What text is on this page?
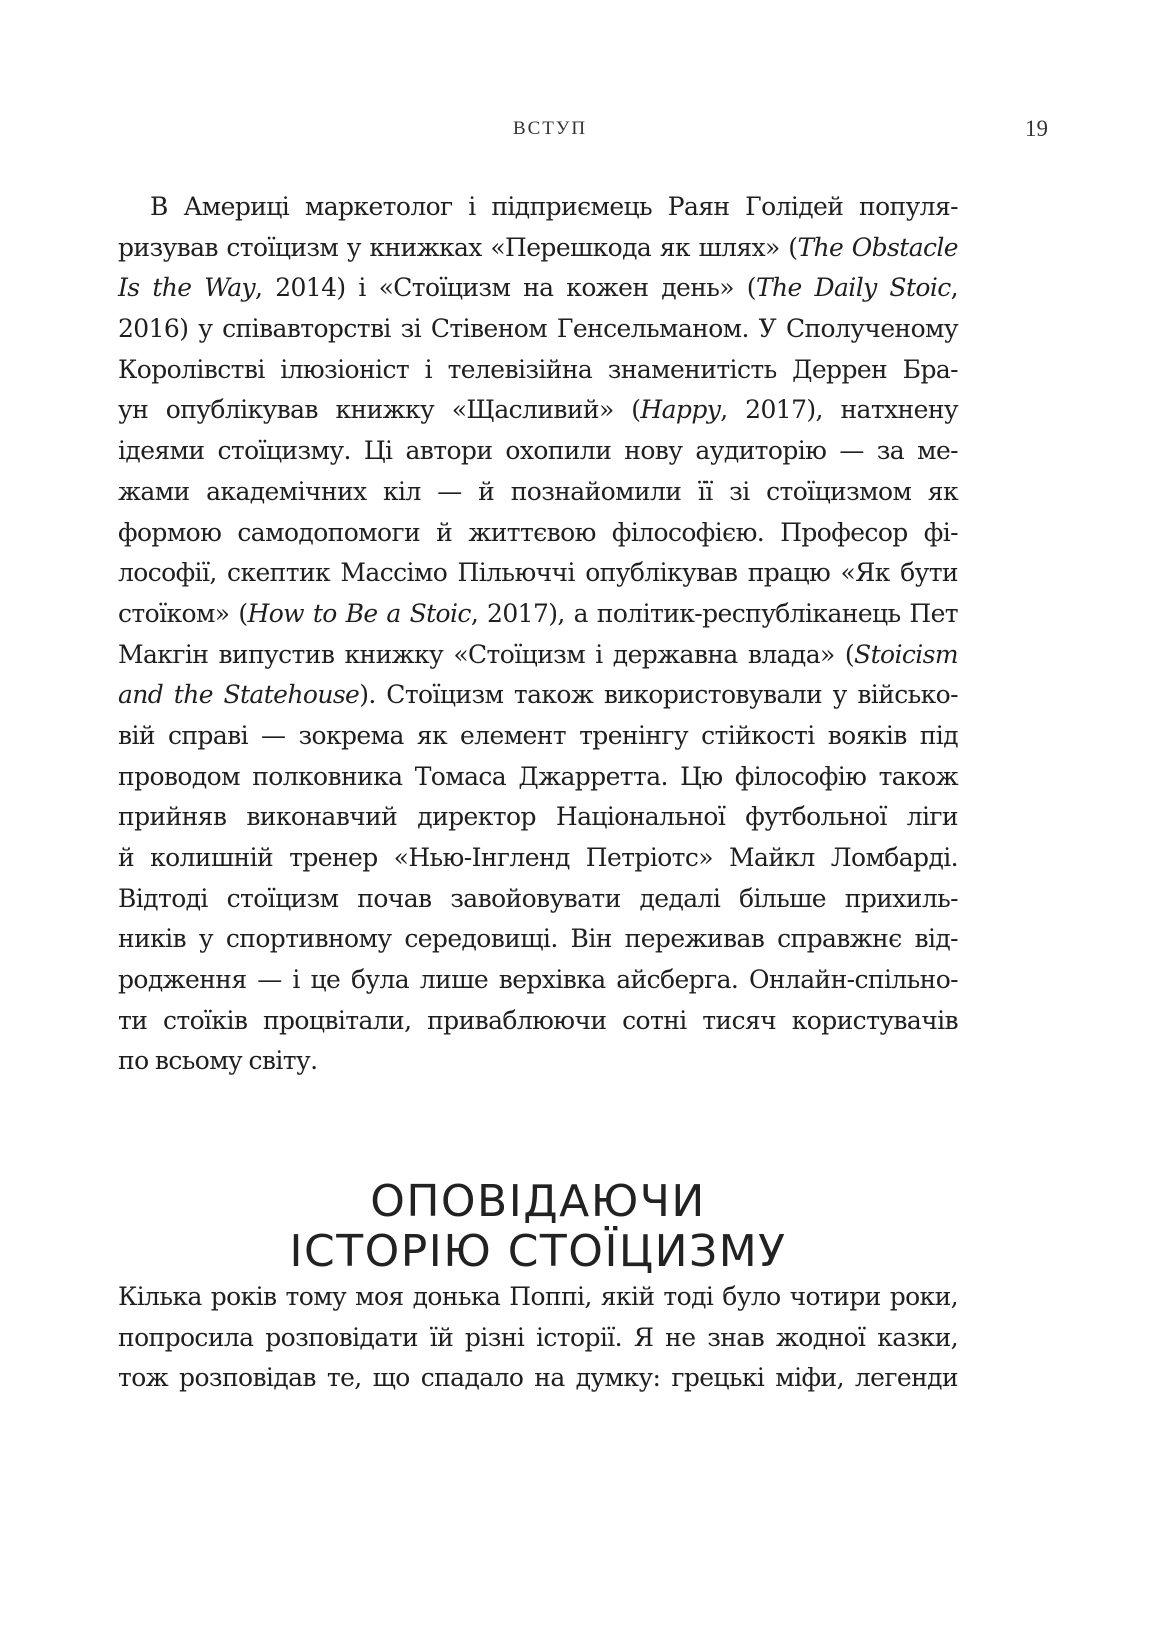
ВСТУП	19
В Америці маркетолог і підприємець Раян Голідей популя-
ризував стоїцизм у книжках «Перешкода як шлях» (The Obstacle
Is the Way, 2014) і «Стоїцизм на кожен день» (The Daily Stoic,
2016) у співавторстві зі Стівеном Генсельманом. У Сполученому
Королівстві ілюзіоніст і телевізійна знаменитість Деррен Бра-
ун опублікував книжку «Щасливий» (Happy, 2017), натхнену
ідеями стоїцизму. Ці автори охопили нову аудиторію — за ме-
жами академічних кіл — й познайомили її зі стоїцизмом як
формою самодопомоги й життєвою філософією. Професор фі-
лософії, скептик Массімо Пільюччі опублікував працю «Як бути
стоїком» (How to Be a Stoic, 2017), а політик-республіканець Пет
Макгін випустив книжку «Стоїцизм і державна влада» (Stoicism
and the Statehouse). Стоїцизм також використовували у військо-
вій справі — зокрема як елемент тренінгу стійкості вояків під
проводом полковника Томаса Джарретта. Цю філософію також
прийняв виконавчий директор Національної футбольної ліги
й колишній тренер «Нью-Інгленд Петріотс» Майкл Ломбарді.
Відтоді стоїцизм почав завойовувати дедалі більше прихиль-
ників у спортивному середовищі. Він переживав справжнє від-
родження — і це була лише верхівка айсберга. Онлайн-спільно-
ти стоїків процвітали, приваблюючи сотні тисяч користувачів
по всьому світу.
ОПОВІДАЮЧИ
ІСТОРІЮ СТОЇЦИЗМУ
Кілька років тому моя донька Поппі, якій тоді було чотири роки,
попросила розповідати їй різні історії. Я не знав жодної казки,
тож розповідав те, що спадало на думку: грецькі міфи, легенди
